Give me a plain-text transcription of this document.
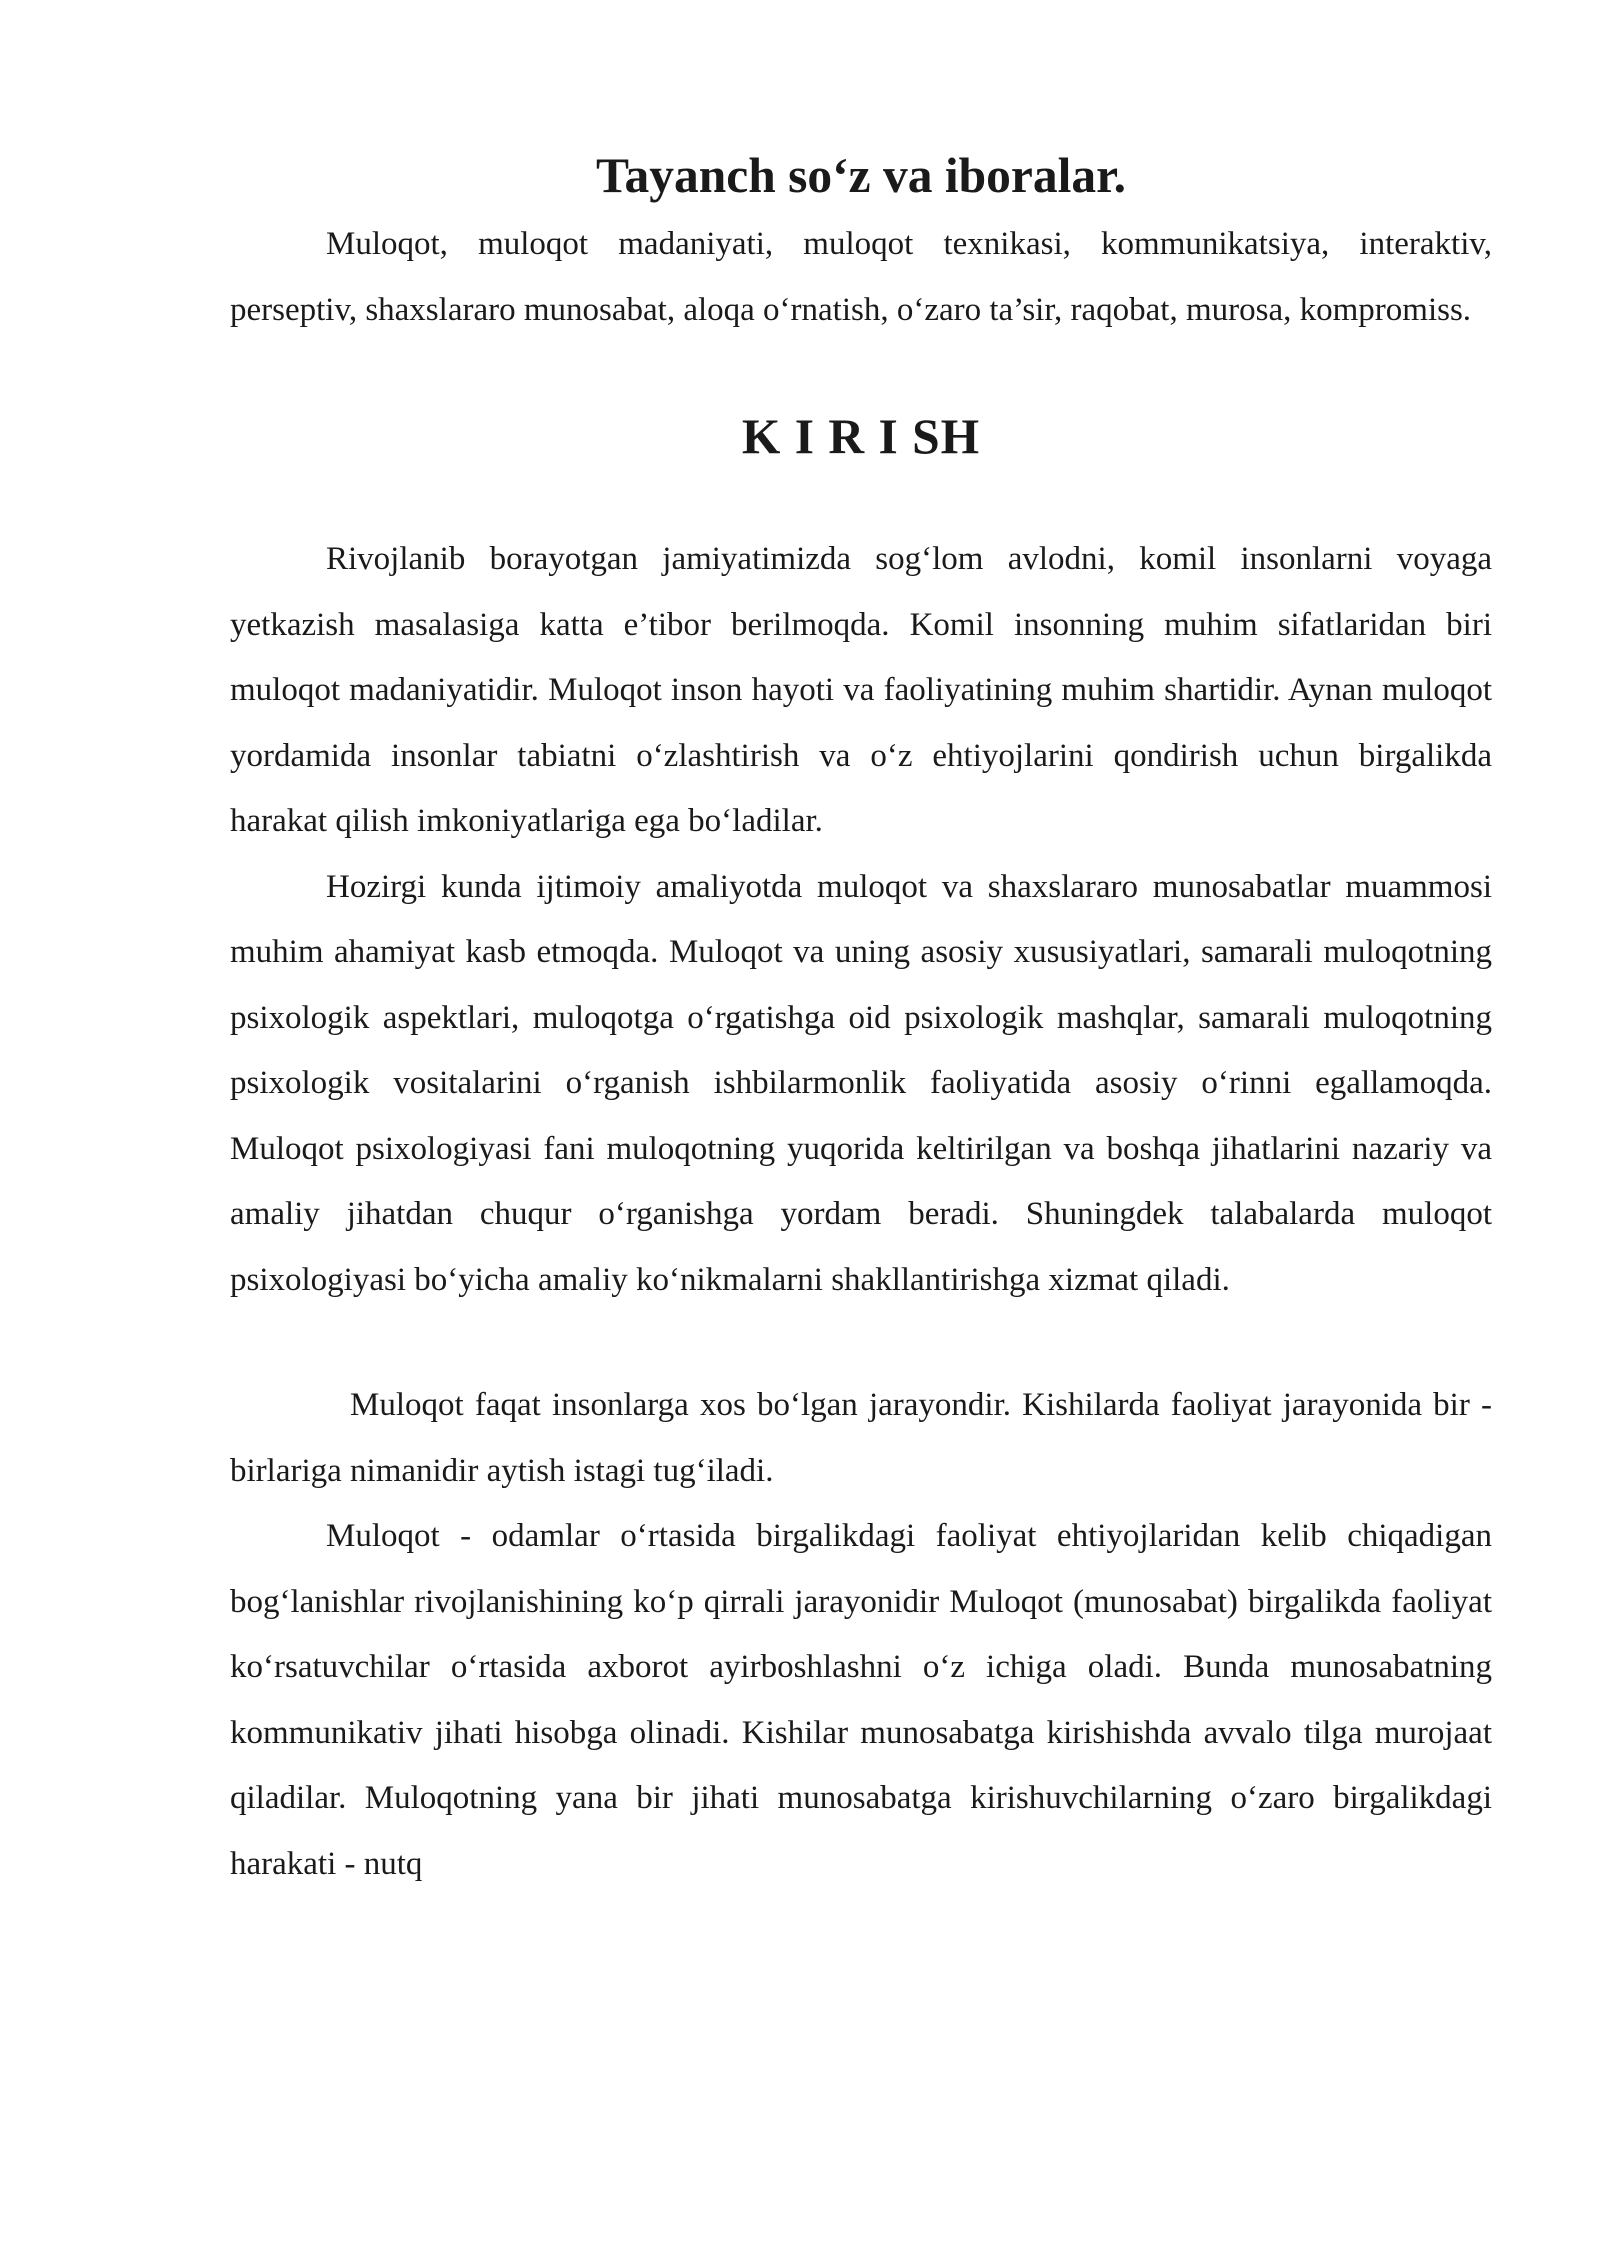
Tayanch so‘z va iboralar.

Muloqot, muloqot madaniyati, muloqot texnikasi, kommunikatsiya, interaktiv, perseptiv, shaxslararo munosabat, aloqa o‘rnatish, o‘zaro ta’sir, raqobat, murosa, kompromiss.

K I R I SH

Rivojlanib borayotgan jamiyatimizda sog‘lom avlodni, komil insonlarni voyaga yetkazish masalasiga katta e’tibor berilmoqda. Komil insonning muhim sifatlaridan biri muloqot madaniyatidir. Muloqot inson hayoti va faoliyatining muhim shartidir. Aynan muloqot yordamida insonlar tabiatni o‘zlashtirish va o‘z ehtiyojlarini qondirish uchun birgalikda harakat qilish imkoniyatlariga ega bo‘ladilar.

Hozirgi kunda ijtimoiy amaliyotda muloqot va shaxslararo munosabatlar muammosi muhim ahamiyat kasb etmoqda. Muloqot va uning asosiy xususiyatlari, samarali muloqotning psixologik aspektlari, muloqotga o‘rgatishga oid psixologik mashqlar, samarali muloqotning psixologik vositalarini o‘rganish ishbilarmonlik faoliyatida asosiy o‘rinni egallamoqda. Muloqot psixologiyasi fani muloqotning yuqorida keltirilgan va boshqa jihatlarini nazariy va amaliy jihatdan chuqur o‘rganishga yordam beradi. Shuningdek talabalarda muloqot psixologiyasi bo‘yicha amaliy ko‘nikmalarni shakllantirishga xizmat qiladi.

Muloqot faqat insonlarga xos bo‘lgan jarayondir. Kishilarda faoliyat jarayonida bir - birlariga nimanidir aytish istagi tug‘iladi.

Muloqot - odamlar o‘rtasida birgalikdagi faoliyat ehtiyojlaridan kelib chiqadigan bog‘lanishlar rivojlanishining ko‘p qirrali jarayonidir Muloqot (munosabat) birgalikda faoliyat ko‘rsatuvchilar o‘rtasida axborot ayirboshlashni o‘z ichiga oladi. Bunda munosabatning kommunikativ jihati hisobga olinadi. Kishilar munosabatga kirishishda avvalo tilga murojaat qiladilar. Muloqotning yana bir jihati munosabatga kirishuvchilarning o‘zaro birgalikdagi harakati - nutq
